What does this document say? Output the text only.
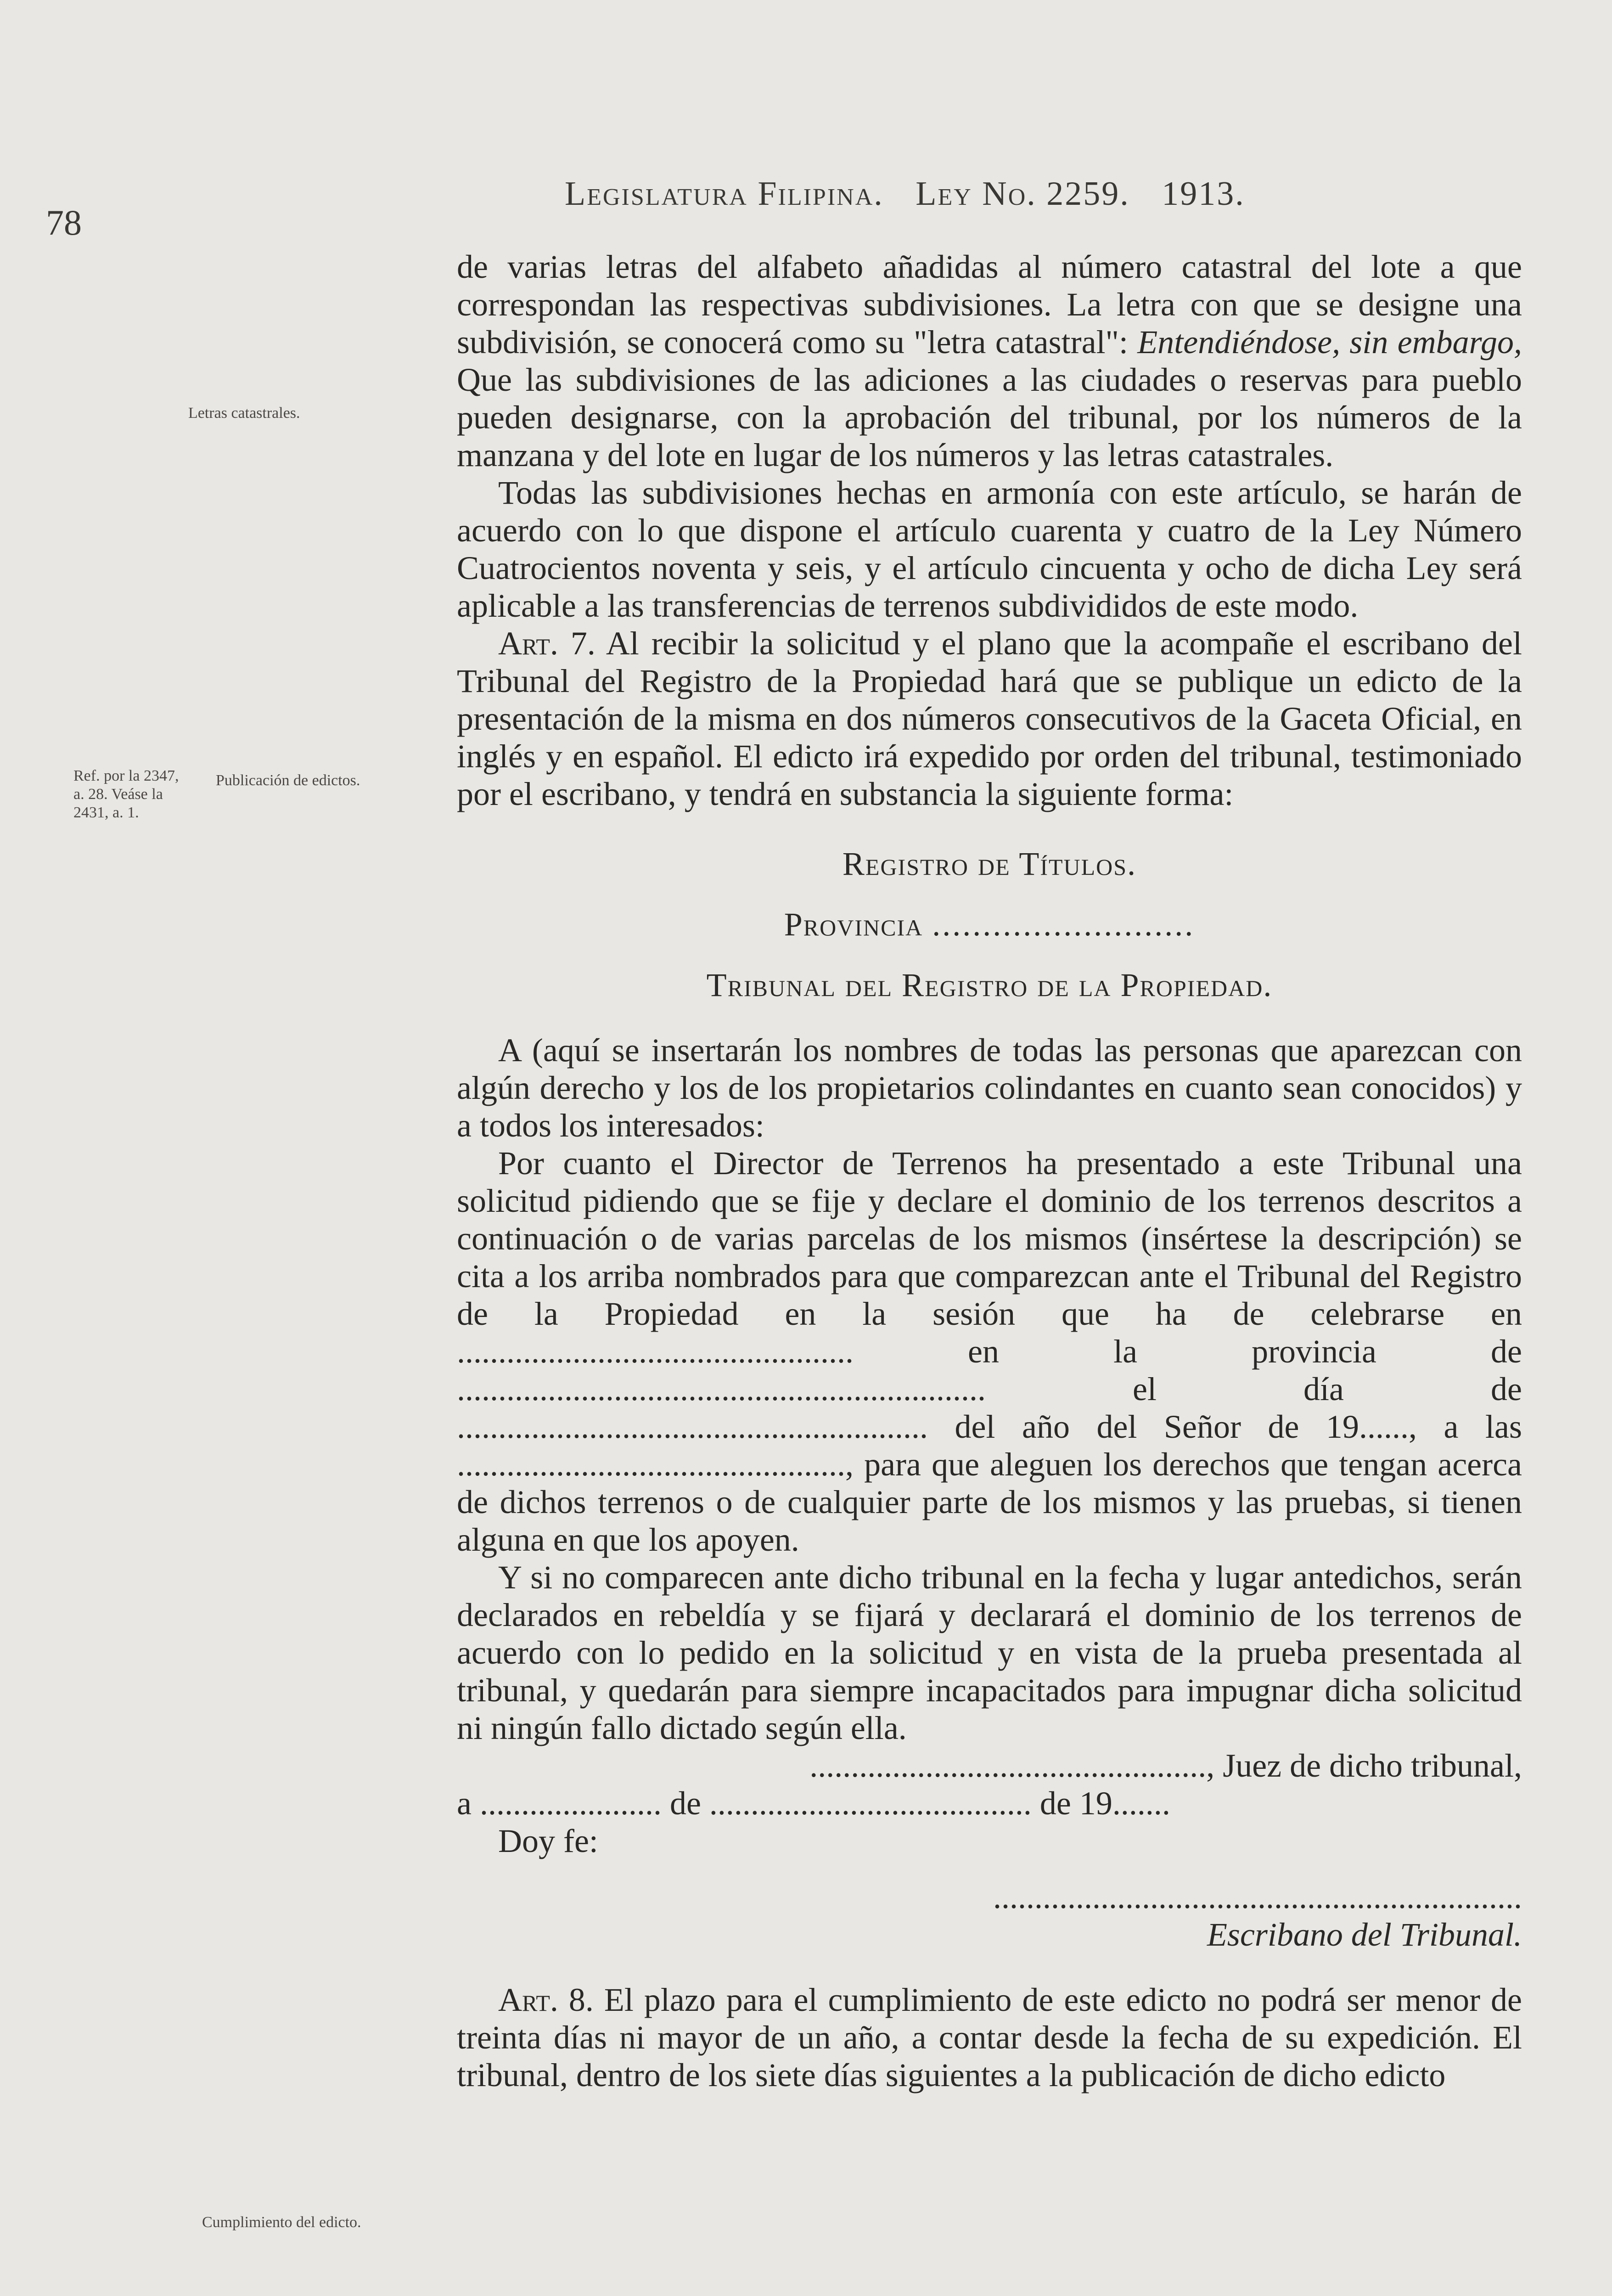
78
Legislatura Filipina. Ley No. 2259. 1913.
Letras catastrales.
Ref. por la 2347, a. 28. Veáse la 2431, a. 1.
Publicación de edictos.
Cumplimiento del edicto.

de varias letras del alfabeto añadidas al número catastral del lote a que correspondan las respectivas subdivisiones. La letra con que se designe una subdivisión, se conocerá como su "letra catastral": Entendiéndose, sin embargo, Que las subdivisiones de las adiciones a las ciudades o reservas para pueblo pueden designarse, con la aprobación del tribunal, por los números de la manzana y del lote en lugar de los números y las letras catastrales.

Todas las subdivisiones hechas en armonía con este artículo, se harán de acuerdo con lo que dispone el artículo cuarenta y cuatro de la Ley Número Cuatrocientos noventa y seis, y el artículo cincuenta y ocho de dicha Ley será aplicable a las transferencias de terrenos subdivididos de este modo.

Art. 7. Al recibir la solicitud y el plano que la acompañe el escribano del Tribunal del Registro de la Propiedad hará que se publique un edicto de la presentación de la misma en dos números consecutivos de la Gaceta Oficial, en inglés y en español. El edicto irá expedido por orden del tribunal, testimoniado por el escribano, y tendrá en substancia la siguiente forma:

Registro de Títulos.

Provincia ..........................

Tribunal del Registro de la Propiedad.

A (aquí se insertarán los nombres de todas las personas que aparezcan con algún derecho y los de los propietarios colindantes en cuanto sean conocidos) y a todos los interesados:

Por cuanto el Director de Terrenos ha presentado a este Tribunal una solicitud pidiendo que se fije y declare el dominio de los terrenos descritos a continuación o de varias parcelas de los mismos (insértese la descripción) se cita a los arriba nombrados para que comparezcan ante el Tribunal del Registro de la Propiedad en la sesión que ha de celebrarse en ................................................ en la provincia de ................................................................ el día de ......................................................... del año del Señor de 19......, a las ..............................................., para que aleguen los derechos que tengan acerca de dichos terrenos o de cualquier parte de los mismos y las pruebas, si tienen alguna en que los apoyen.

Y si no comparecen ante dicho tribunal en la fecha y lugar antedichos, serán declarados en rebeldía y se fijará y declarará el dominio de los terrenos de acuerdo con lo pedido en la solicitud y en vista de la prueba presentada al tribunal, y quedarán para siempre incapacitados para impugnar dicha solicitud ni ningún fallo dictado según ella.

................................................, Juez de dicho tribunal,

a ...................... de ....................................... de 19.......

Doy fe:

................................................................

Escribano del Tribunal.

Art. 8. El plazo para el cumplimiento de este edicto no podrá ser menor de treinta días ni mayor de un año, a contar desde la fecha de su expedición. El tribunal, dentro de los siete días siguientes a la publicación de dicho edicto
